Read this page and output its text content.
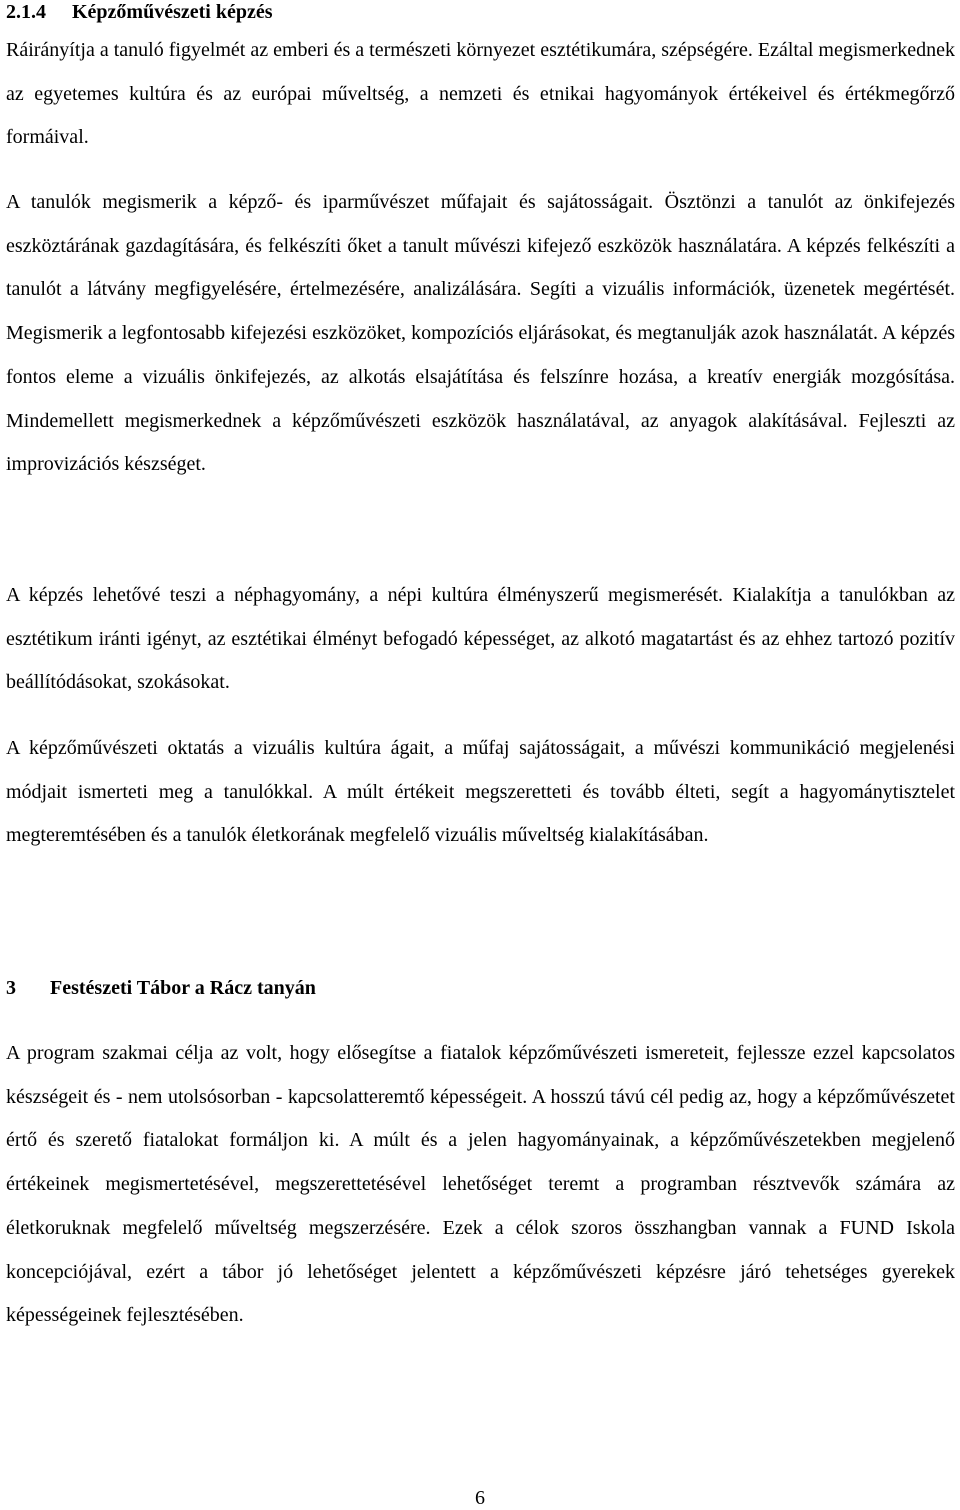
2.1.4 Képzőművészeti képzés

Ráirányítja a tanuló figyelmét az emberi és a természeti környezet esztétikumára, szépségére. Ezáltal megismerkednek az egyetemes kultúra és az európai műveltség, a nemzeti és etnikai hagyományok értékeivel és értékmegőrző formáival.

A tanulók megismerik a képző- és iparművészet műfajait és sajátosságait. Ösztönzi a tanulót az önkifejezés eszköztárának gazdagítására, és felkészíti őket a tanult művészi kifejező eszközök használatára. A képzés felkészíti a tanulót a látvány megfigyelésére, értelmezésére, analizálására. Segíti a vizuális információk, üzenetek megértését. Megismerik a legfontosabb kifejezési eszközöket, kompozíciós eljárásokat, és megtanulják azok használatát. A képzés fontos eleme a vizuális önkifejezés, az alkotás elsajátítása és felszínre hozása, a kreatív energiák mozgósítása. Mindemellett megismerkednek a képzőművészeti eszközök használatával, az anyagok alakításával. Fejleszti az improvizációs készséget.

A képzés lehetővé teszi a néphagyomány, a népi kultúra élményszerű megismerését. Kialakítja a tanulókban az esztétikum iránti igényt, az esztétikai élményt befogadó képességet, az alkotó magatartást és az ehhez tartozó pozitív beállítódásokat, szokásokat.

A képzőművészeti oktatás a vizuális kultúra ágait, a műfaj sajátosságait, a művészi kommunikáció megjelenési módjait ismerteti meg a tanulókkal. A múlt értékeit megszeretteti és tovább élteti, segít a hagyománytisztelet megteremtésében és a tanulók életkorának megfelelő vizuális műveltség kialakításában.

3 Festészeti Tábor a Rácz tanyán

A program szakmai célja az volt, hogy elősegítse a fiatalok képzőművészeti ismereteit, fejlessze ezzel kapcsolatos készségeit és - nem utolsósorban - kapcsolatteremtő képességeit. A hosszú távú cél pedig az, hogy a képzőművészetet értő és szerető fiatalokat formáljon ki. A múlt és a jelen hagyományainak, a képzőművészetekben megjelenő értékeinek megismertetésével, megszerettetésével lehetőséget teremt a programban résztvevők számára az életkoruknak megfelelő műveltség megszerzésére. Ezek a célok szoros összhangban vannak a FUND Iskola koncepciójával, ezért a tábor jó lehetőséget jelentett a képzőművészeti képzésre járó tehetséges gyerekek képességeinek fejlesztésében.

6
